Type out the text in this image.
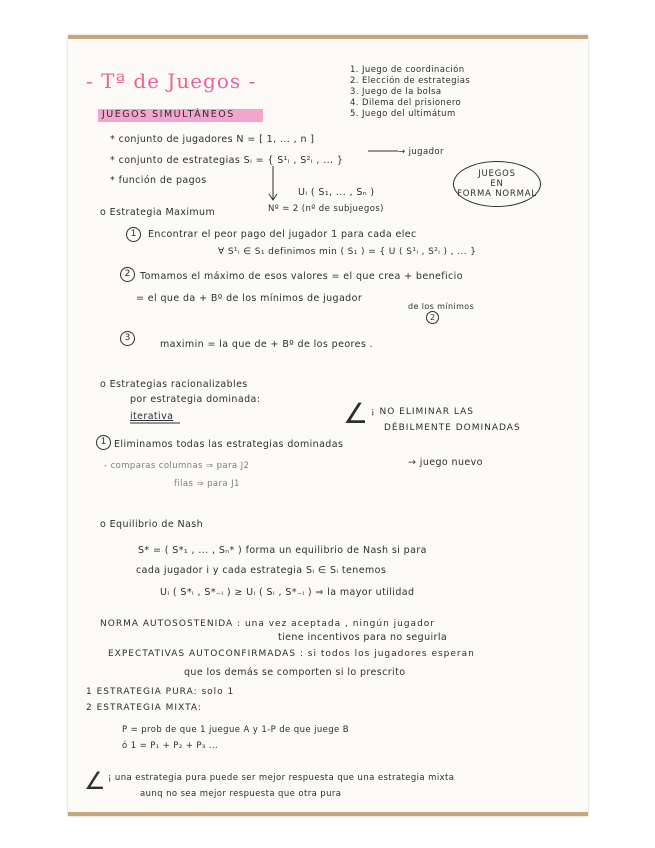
- Tª de Juegos -	1. Juego de coordinación
2. Elección de estrategias
3. Juego de la bolsa
4. Dilema del prisionero
5. Juego del ultimátum
JUEGOS SIMULTÁNEOS
* conjunto de jugadores N = [ 1, ... , n ]
* conjunto de estrategias Sᵢ = { S¹ᵢ , S²ᵢ , ... }
→ jugador
* función de pagos
Uᵢ ( S₁, ... , Sₙ )
Nº = 2 (nº de subjuegos)
JUEGOS
EN
FORMA NORMAL
o Estrategia Maximum
1	Encontrar el peor pago del jugador 1 para cada elec
∀ S¹ᵢ ∈ S₁ definimos min ( S₁ ) = { U ( S¹ᵢ , S²ᵢ ) , ... }
2	Tomamos el máximo de esos valores = el que crea + beneficio
= el que da + Bº de los mínimos de jugador
2
de los mínimos
3
maximin = la que de + Bº de los peores .
o Estrategias racionalizables
por estrategia dominada:
iterativa	∠ ¡ NO ELIMINAR LAS
DÉBILMENTE DOMINADAS
1 Eliminamos todas las estrategias dominadas
→ juego nuevo
- comparas columnas ⇒ para J2
filas ⇒ para J1
o Equilibrio de Nash
S* = ( S*₁ , ... , Sₙ* ) forma un equilibrio de Nash si para
cada jugador i y cada estrategia Sᵢ ∈ Sᵢ tenemos
Uᵢ ( S*ᵢ , S*₋ᵢ ) ≥ Uᵢ ( Sᵢ , S*₋ᵢ ) ⇒ la mayor utilidad
NORMA AUTOSOSTENIDA : una vez aceptada , ningún jugador
tiene incentivos para no seguirla
EXPECTATIVAS AUTOCONFIRMADAS : si todos los jugadores esperan
que los demás se comporten si lo prescrito
1 ESTRATEGIA PURA: solo 1
2 ESTRATEGIA MIXTA:
P = prob de que 1 juegue A y 1-P de que juege B
ó 1 = P₁ + P₂ + P₃ ...
∠ ¡ una estrategia pura puede ser mejor respuesta que una estrategia mixta
aunq no sea mejor respuesta que otra pura
